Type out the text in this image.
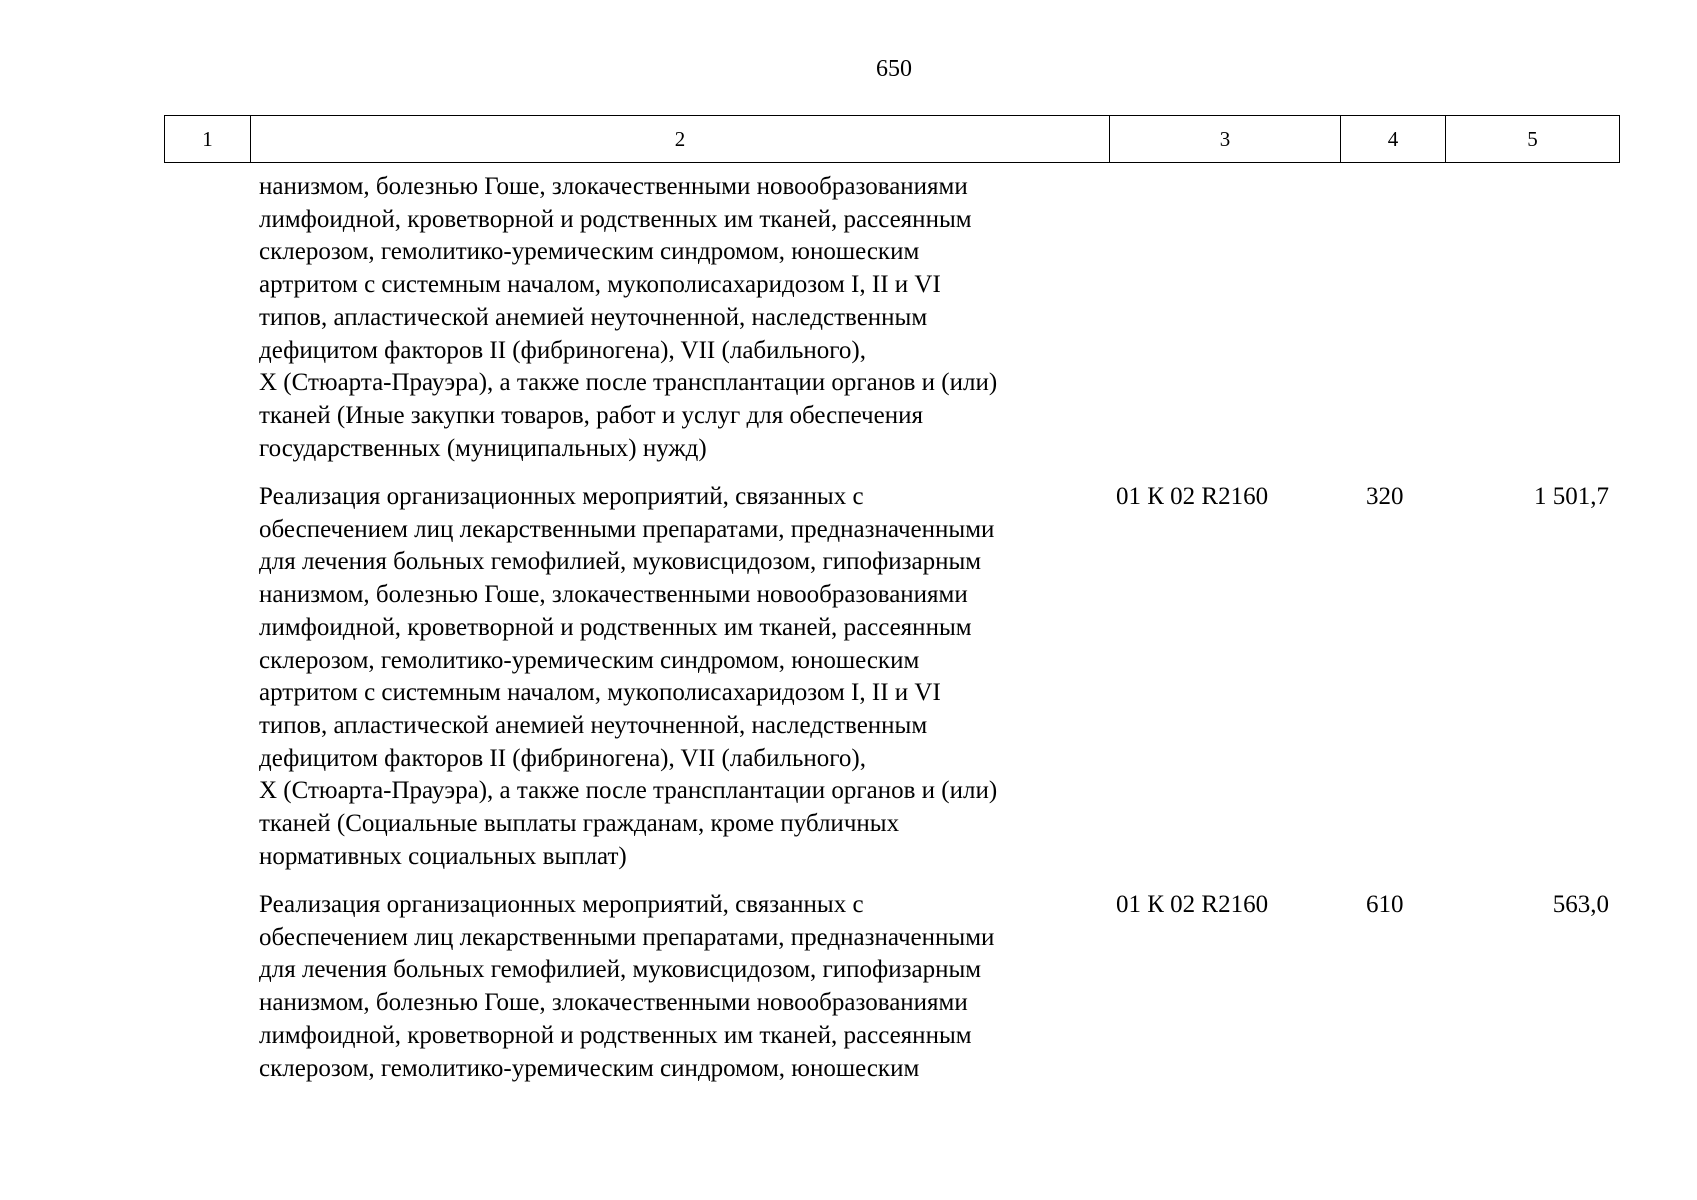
650
1	2	3	4	5
нанизмом, болезнью Гоше, злокачественными новообразованиями
лимфоидной, кроветворной и родственных им тканей, рассеянным
склерозом, гемолитико-уремическим синдромом, юношеским
артритом с системным началом, мукополисахаридозом I, II и VI
типов, апластической анемией неуточненной, наследственным
дефицитом факторов II (фибриногена), VII (лабильного),
X (Стюарта-Прауэра), а также после трансплантации органов и (или)
тканей (Иные закупки товаров, работ и услуг для обеспечения
государственных (муниципальных) нужд)
Реализация организационных мероприятий, связанных с
обеспечением лиц лекарственными препаратами, предназначенными
для лечения больных гемофилией, муковисцидозом, гипофизарным
нанизмом, болезнью Гоше, злокачественными новообразованиями
лимфоидной, кроветворной и родственных им тканей, рассеянным
склерозом, гемолитико-уремическим синдромом, юношеским
артритом с системным началом, мукополисахаридозом I, II и VI
типов, апластической анемией неуточненной, наследственным
дефицитом факторов II (фибриногена), VII (лабильного),
X (Стюарта-Прауэра), а также после трансплантации органов и (или)
тканей (Социальные выплаты гражданам, кроме публичных
нормативных социальных выплат)
01 К 02 R2160	320	1 501,7
Реализация организационных мероприятий, связанных с
обеспечением лиц лекарственными препаратами, предназначенными
для лечения больных гемофилией, муковисцидозом, гипофизарным
нанизмом, болезнью Гоше, злокачественными новообразованиями
лимфоидной, кроветворной и родственных им тканей, рассеянным
склерозом, гемолитико-уремическим синдромом, юношеским
01 К 02 R2160	610	563,0
